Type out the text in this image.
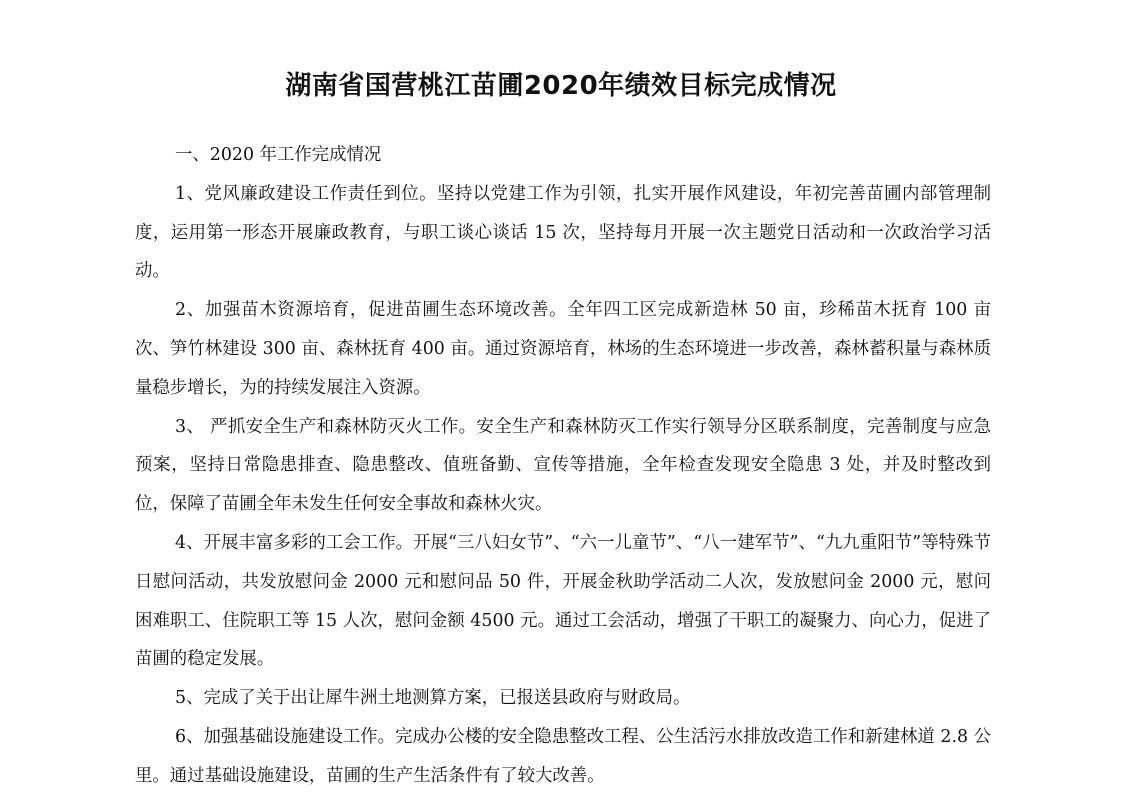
湖南省国营桃江苗圃2020年绩效目标完成情况

一、2020 年工作完成情况

1、党风廉政建设工作责任到位。坚持以党建工作为引领，扎实开展作风建设，年初完善苗圃内部管理制度，运用第一形态开展廉政教育，与职工谈心谈话 15 次，坚持每月开展一次主题党日活动和一次政治学习活动。

2、加强苗木资源培育，促进苗圃生态环境改善。全年四工区完成新造林 50 亩，珍稀苗木抚育 100 亩次、笋竹林建设 300 亩、森林抚育 400 亩。通过资源培育，林场的生态环境进一步改善，森林蓄积量与森林质量稳步增长，为的持续发展注入资源。

3、 严抓安全生产和森林防灭火工作。安全生产和森林防灭工作实行领导分区联系制度，完善制度与应急预案，坚持日常隐患排查、隐患整改、值班备勤、宣传等措施，全年检查发现安全隐患 3 处，并及时整改到位，保障了苗圃全年未发生任何安全事故和森林火灾。

4、开展丰富多彩的工会工作。开展“三八妇女节”、“六一儿童节”、“八一建军节”、“九九重阳节”等特殊节日慰问活动，共发放慰问金 2000 元和慰问品 50 件，开展金秋助学活动二人次，发放慰问金 2000 元，慰问困难职工、住院职工等 15 人次，慰问金额 4500 元。通过工会活动，增强了干职工的凝聚力、向心力，促进了苗圃的稳定发展。

5、完成了关于出让犀牛洲土地测算方案，已报送县政府与财政局。

6、加强基础设施建设工作。完成办公楼的安全隐患整改工程、公生活污水排放改造工作和新建林道 2.8 公里。通过基础设施建设，苗圃的生产生活条件有了较大改善。
